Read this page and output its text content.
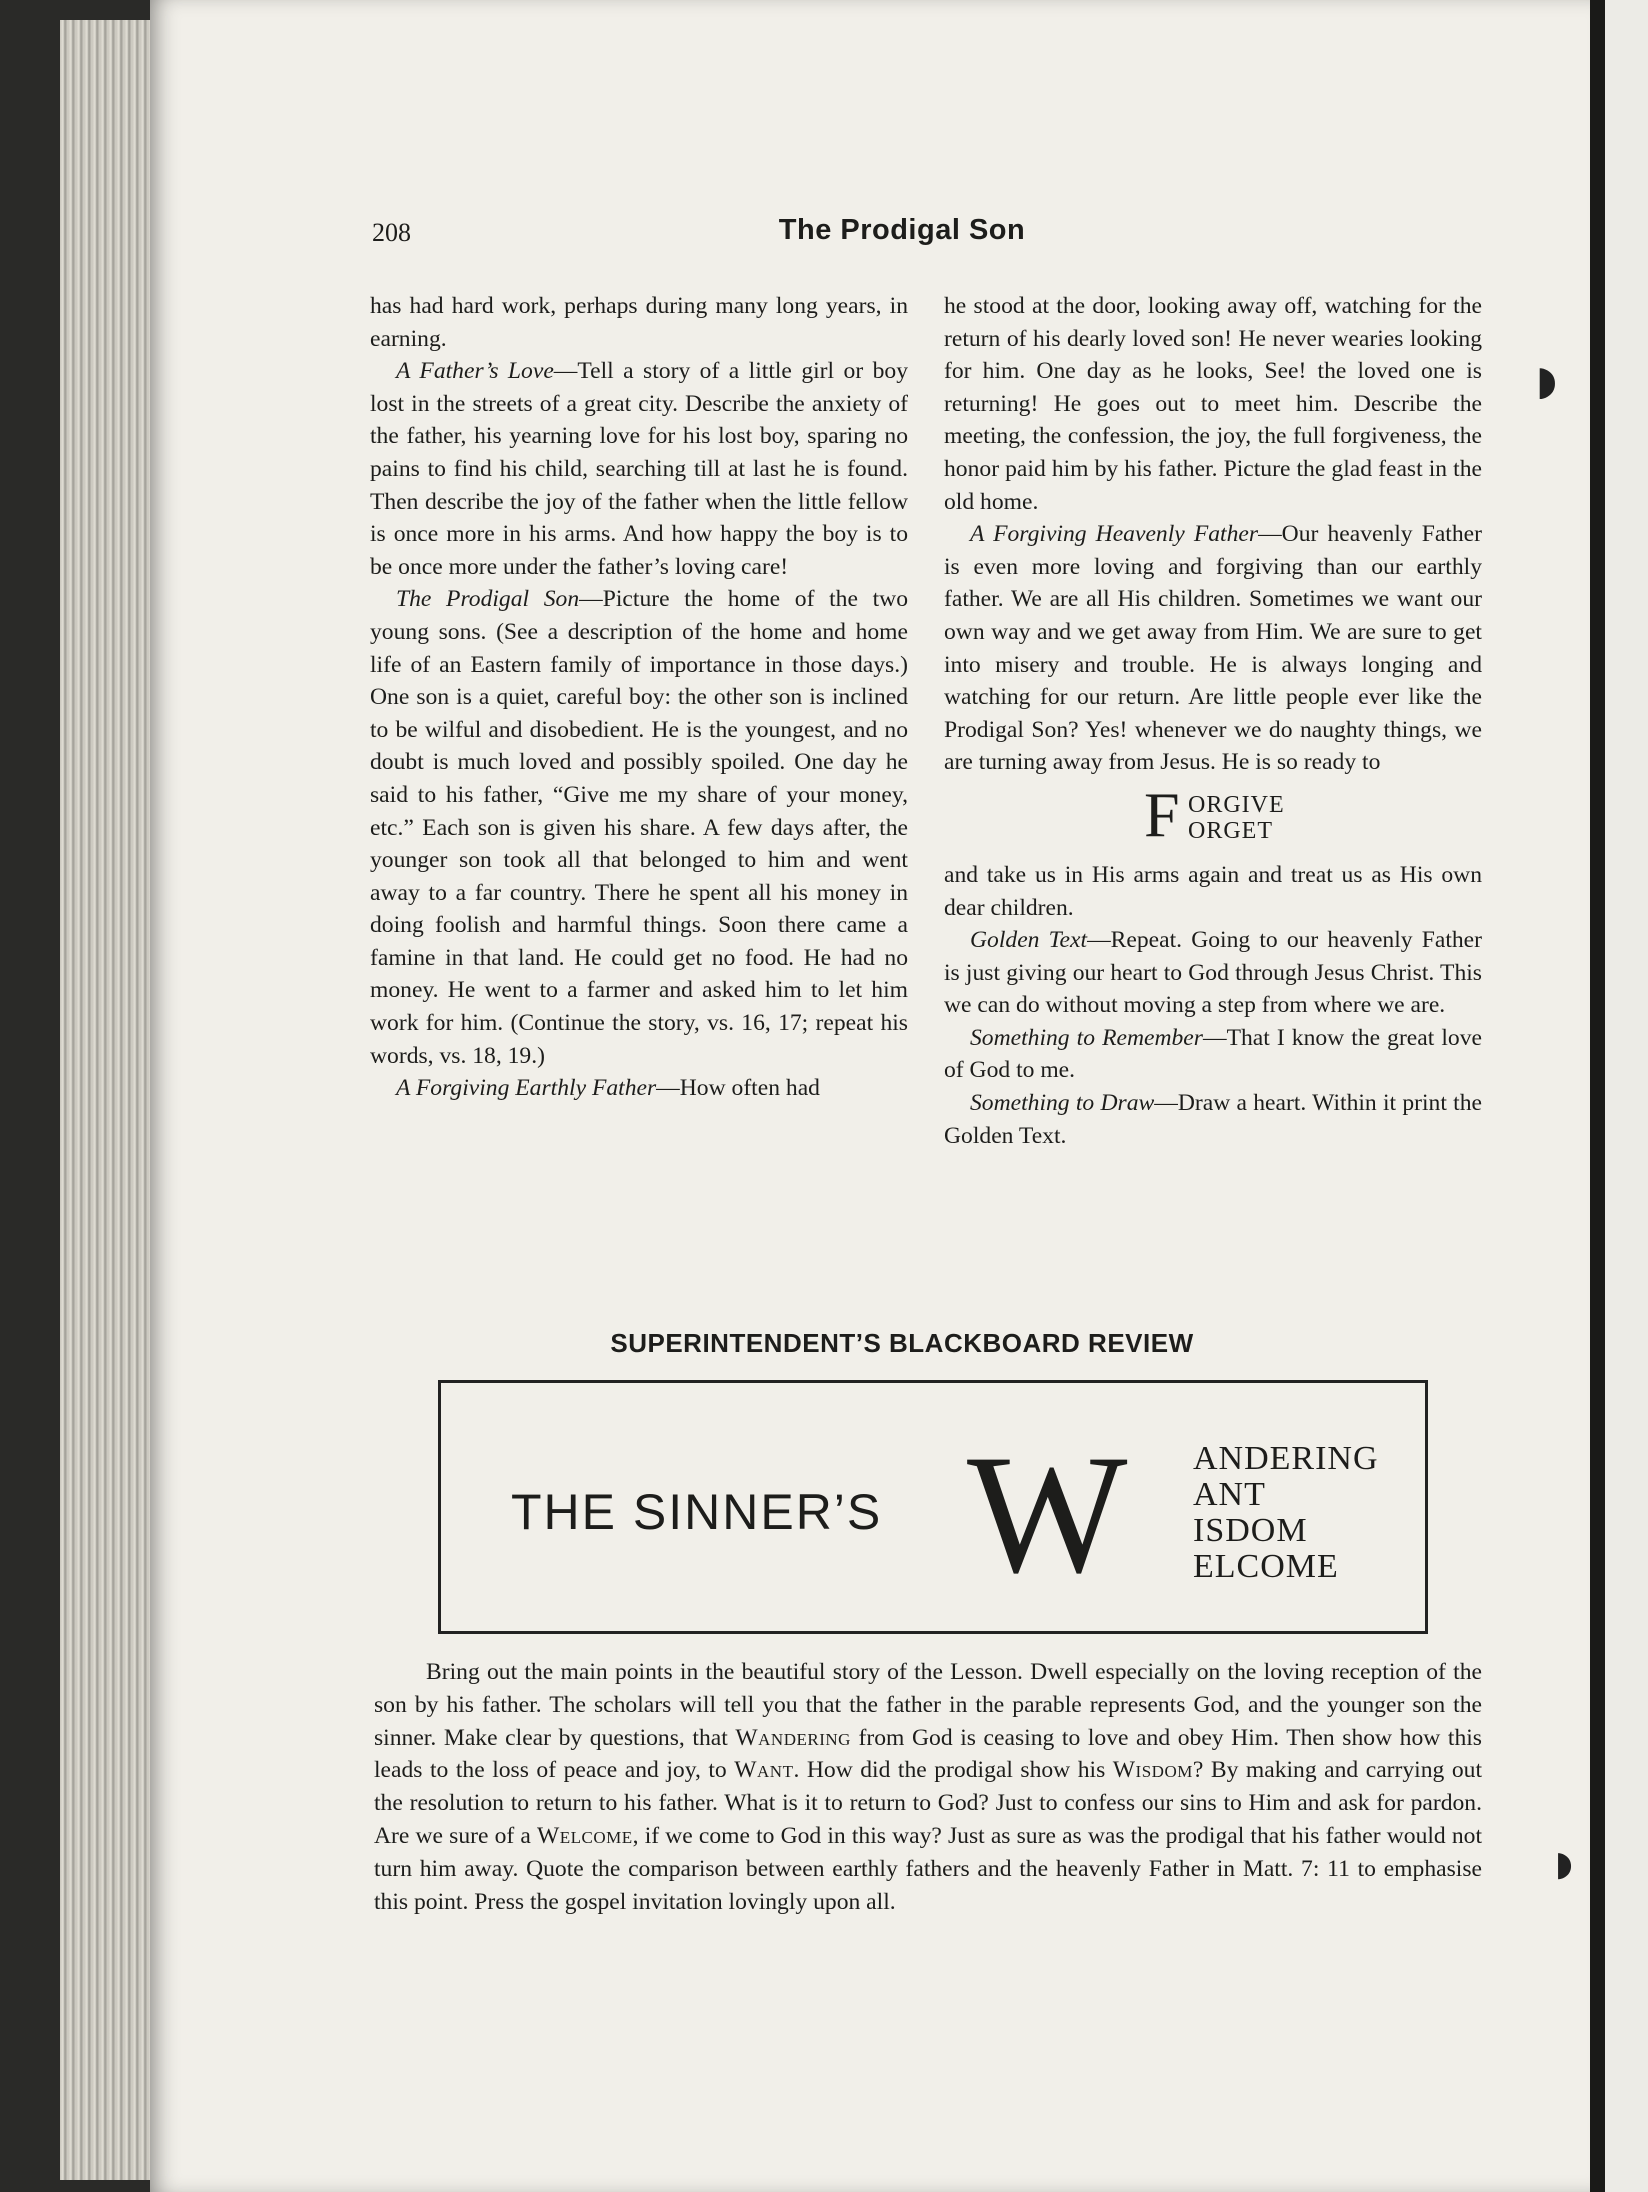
◗
◗
208	The Prodigal Son

has had hard work, perhaps during many long years, in earning.

A Father’s Love—Tell a story of a little girl or boy lost in the streets of a great city. Describe the anxiety of the father, his yearning love for his lost boy, sparing no pains to find his child, searching till at last he is found. Then describe the joy of the father when the little fellow is once more in his arms. And how happy the boy is to be once more under the father’s loving care!

The Prodigal Son—Picture the home of the two young sons. (See a description of the home and home life of an Eastern family of importance in those days.) One son is a quiet, careful boy: the other son is inclined to be wilful and disobedient. He is the youngest, and no doubt is much loved and possibly spoiled. One day he said to his father, “Give me my share of your money, etc.” Each son is given his share. A few days after, the younger son took all that belonged to him and went away to a far country. There he spent all his money in doing foolish and harmful things. Soon there came a famine in that land. He could get no food. He had no money. He went to a farmer and asked him to let him work for him. (Continue the story, vs. 16, 17; repeat his words, vs. 18, 19.)

A Forgiving Earthly Father—How often had

he stood at the door, looking away off, watching for the return of his dearly loved son! He never wearies looking for him. One day as he looks, See! the loved one is returning! He goes out to meet him. Describe the meeting, the confession, the joy, the full forgiveness, the honor paid him by his father. Picture the glad feast in the old home.

A Forgiving Heavenly Father—Our heavenly Father is even more loving and forgiving than our earthly father. We are all His children. Sometimes we want our own way and we get away from Him. We are sure to get into misery and trouble. He is always longing and watching for our return. Are little people ever like the Prodigal Son? Yes! whenever we do naughty things, we are turning away from Jesus. He is so ready to

F ORGIVE
ORGET

and take us in His arms again and treat us as His own dear children.

Golden Text—Repeat. Going to our heavenly Father is just giving our heart to God through Jesus Christ. This we can do without moving a step from where we are.

Something to Remember—That I know the great love of God to me.

Something to Draw—Draw a heart. Within it print the Golden Text.

SUPERINTENDENT’S BLACKBOARD REVIEW
THE SINNER’S W ANDERING
ANT
ISDOM
ELCOME

Bring out the main points in the beautiful story of the Lesson. Dwell especially on the loving reception of the son by his father. The scholars will tell you that the father in the parable represents God, and the younger son the sinner. Make clear by questions, that Wandering from God is ceasing to love and obey Him. Then show how this leads to the loss of peace and joy, to Want. How did the prodigal show his Wisdom? By making and carrying out the resolution to return to his father. What is it to return to God? Just to confess our sins to Him and ask for pardon. Are we sure of a Welcome, if we come to God in this way? Just as sure as was the prodigal that his father would not turn him away. Quote the comparison between earthly fathers and the heavenly Father in Matt. 7: 11 to emphasise this point. Press the gospel invitation lovingly upon all.
